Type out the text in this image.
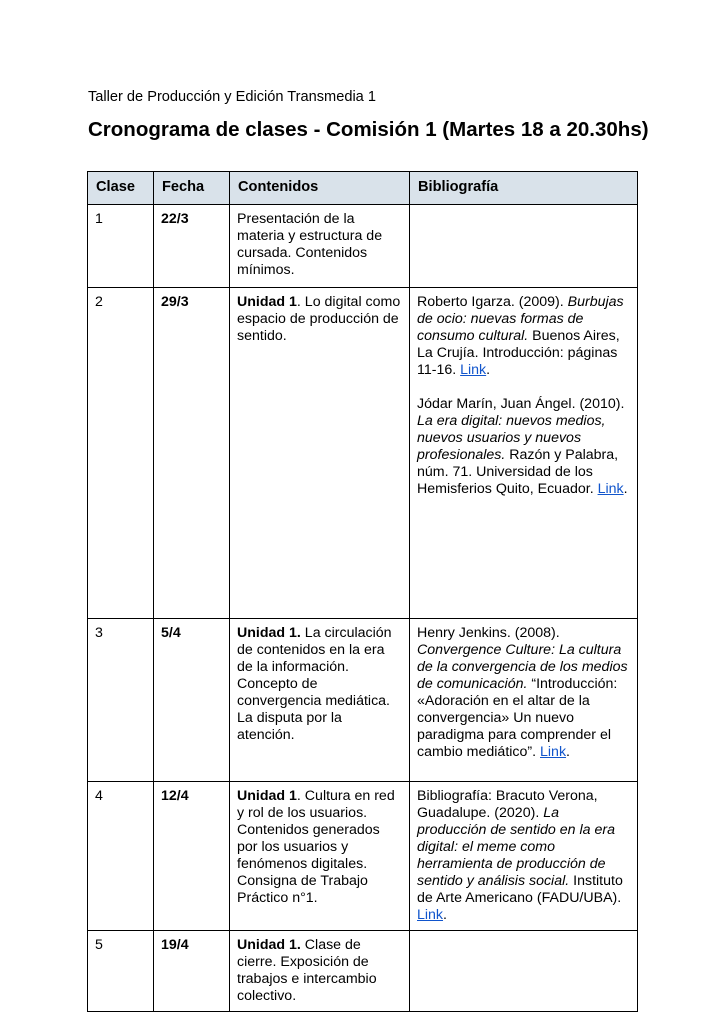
Taller de Producción y Edición Transmedia 1
Cronograma de clases - Comisión 1 (Martes 18 a 20.30hs)
Clase	Fecha	Contenidos	Bibliografía
1	22/3	Presentación de la materia y estructura de cursada. Contenidos mínimos.	
2	29/3	Unidad 1. Lo digital como espacio de producción de sentido.	Roberto Igarza. (2009). Burbujas de ocio: nuevas formas de consumo cultural. Buenos Aires, La Crujía. Introducción: páginas 11-16. Link.
Jódar Marín, Juan Ángel. (2010). La era digital: nuevos medios, nuevos usuarios y nuevos profesionales. Razón y Palabra, núm. 71. Universidad de los Hemisferios Quito, Ecuador. Link.

3	5/4	Unidad 1. La circulación de contenidos en la era de la información. Concepto de convergencia mediática. La disputa por la atención.	Henry Jenkins. (2008). Convergence Culture: La cultura de la convergencia de los medios de comunicación. “Introducción: «Adoración en el altar de la convergencia» Un nuevo paradigma para comprender el cambio mediático”. Link.

4	12/4	Unidad 1. Cultura en red y rol de los usuarios. Contenidos generados por los usuarios y fenómenos digitales. Consigna de Trabajo Práctico n°1.	Bibliografía: Bracuto Verona, Guadalupe. (2020). La producción de sentido en la era digital: el meme como herramienta de producción de sentido y análisis social. Instituto de Arte Americano (FADU/UBA). Link.

5	19/4	Unidad 1. Clase de cierre. Exposición de trabajos e intercambio colectivo.	
